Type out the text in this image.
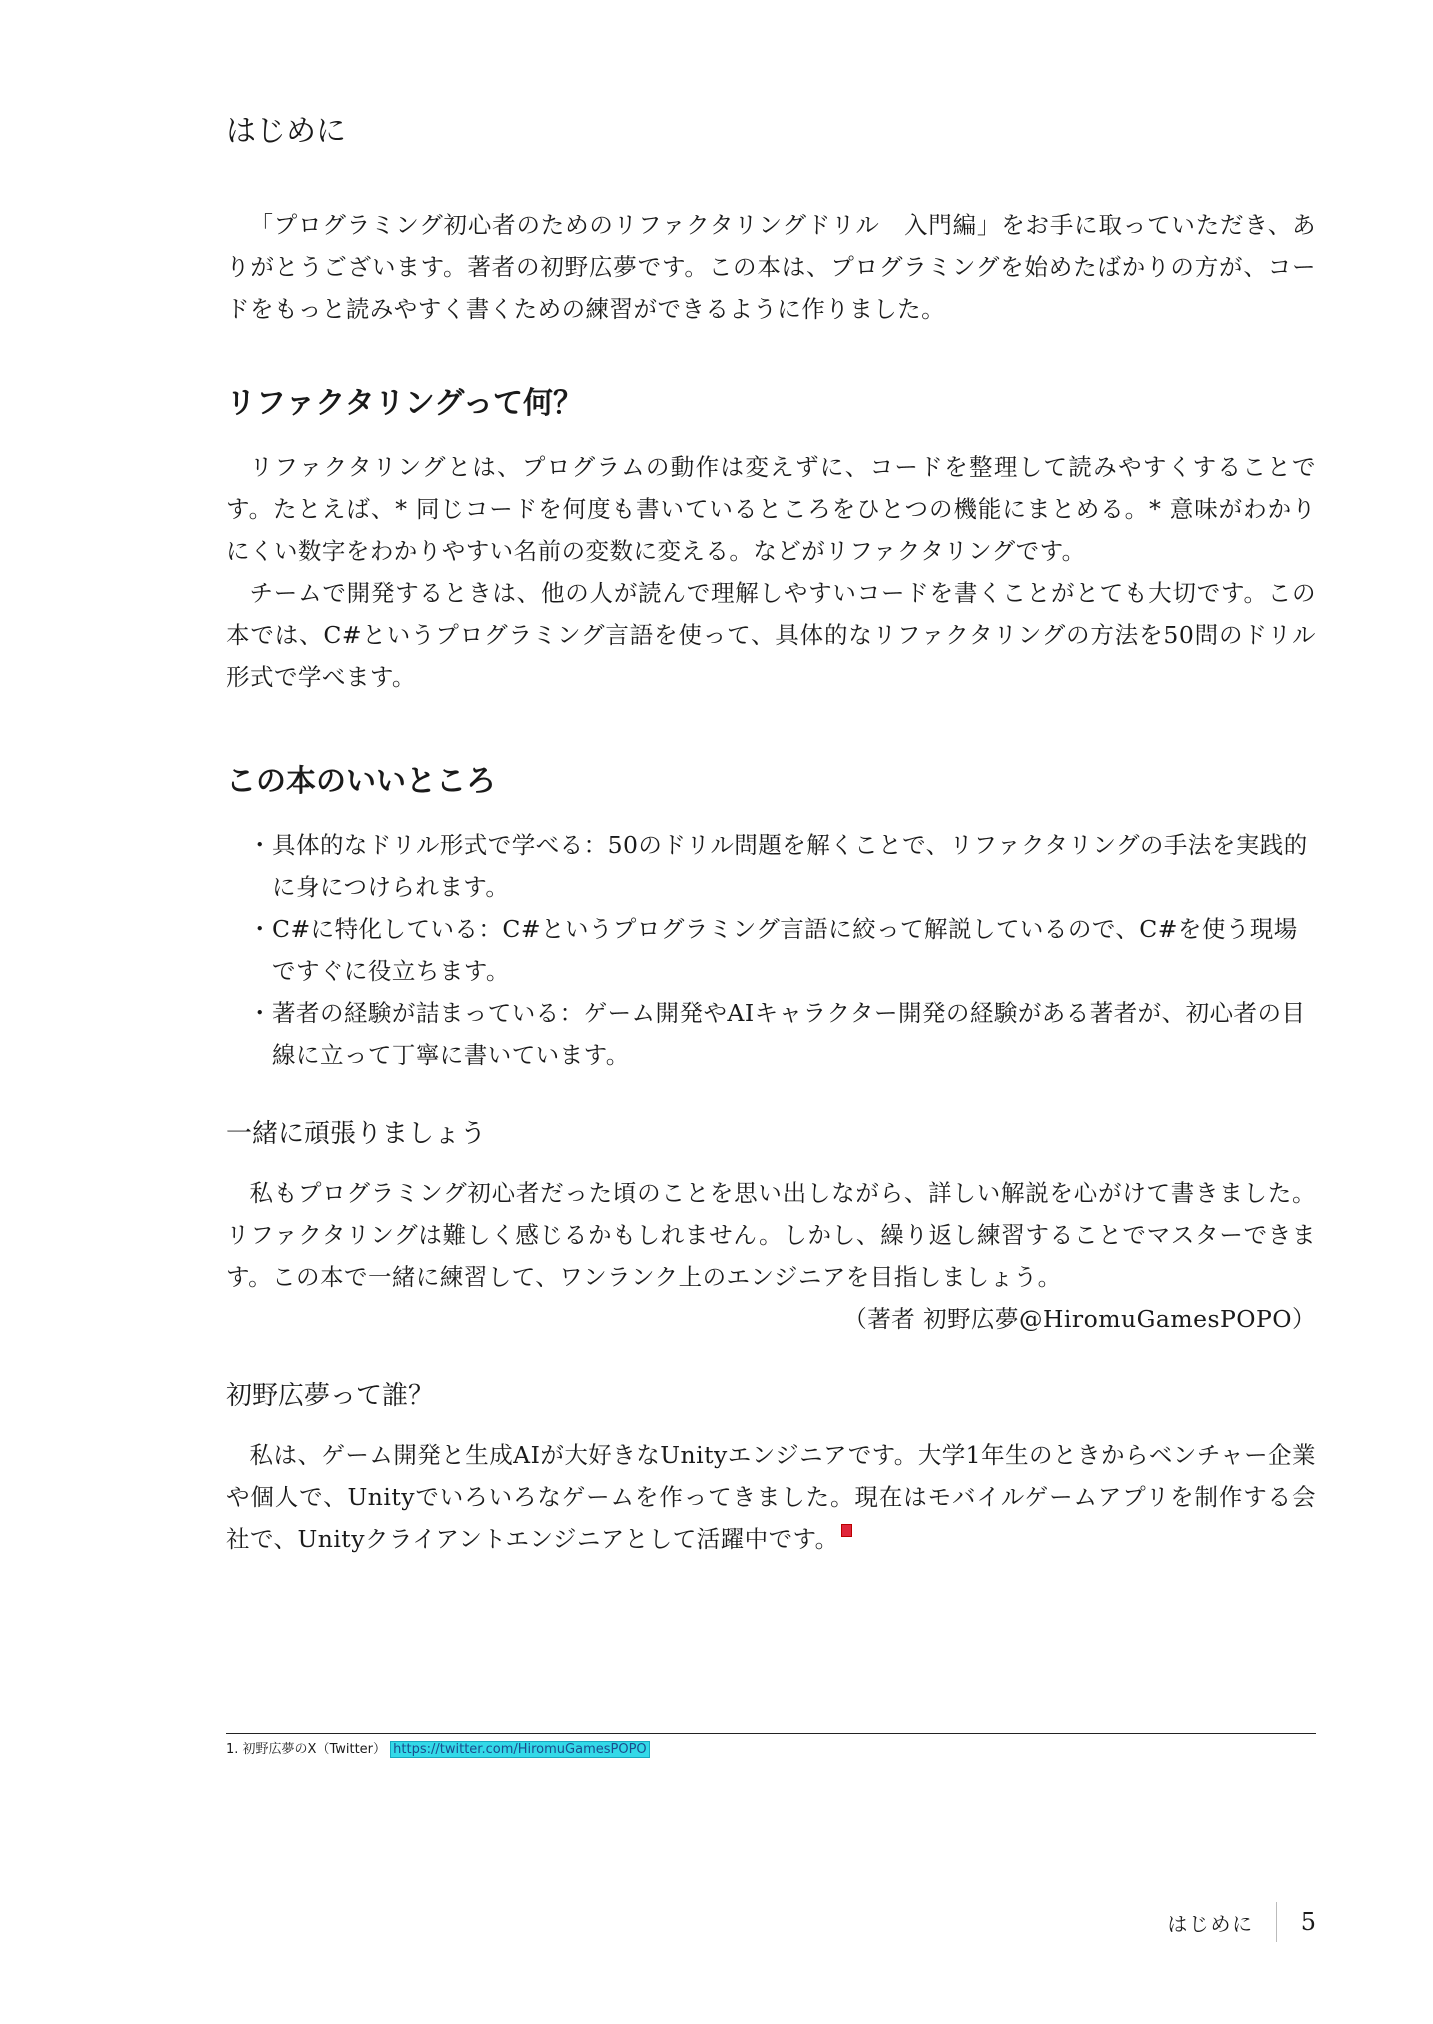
はじめに

「プログラミング初心者のためのリファクタリングドリル　入門編」をお手に取っていただき、ありがとうございます。著者の初野広夢です。この本は、プログラミングを始めたばかりの方が、コードをもっと読みやすく書くための練習ができるように作りました。

リファクタリングって何？

リファクタリングとは、プログラムの動作は変えずに、コードを整理して読みやすくすることです。たとえば、* 同じコードを何度も書いているところをひとつの機能にまとめる。* 意味がわかりにくい数字をわかりやすい名前の変数に変える。などがリファクタリングです。

チームで開発するときは、他の人が読んで理解しやすいコードを書くことがとても大切です。この本では、C#というプログラミング言語を使って、具体的なリファクタリングの方法を50問のドリル形式で学べます。

この本のいいところ
・具体的なドリル形式で学べる：50のドリル問題を解くことで、リファクタリングの手法を実践的に身につけられます。
・C#に特化している：C#というプログラミング言語に絞って解説しているので、C#を使う現場ですぐに役立ちます。
・著者の経験が詰まっている：ゲーム開発やAIキャラクター開発の経験がある著者が、初心者の目線に立って丁寧に書いています。
一緒に頑張りましょう

私もプログラミング初心者だった頃のことを思い出しながら、詳しい解説を心がけて書きました。リファクタリングは難しく感じるかもしれません。しかし、繰り返し練習することでマスターできます。この本で一緒に練習して、ワンランク上のエンジニアを目指しましょう。

（著者 初野広夢@HiromuGamesPOPO）
初野広夢って誰？

私は、ゲーム開発と生成AIが大好きなUnityエンジニアです。大学1年生のときからベンチャー企業や個人で、Unityでいろいろなゲームを作ってきました。現在はモバイルゲームアプリを制作する会社で、Unityクライアントエンジニアとして活躍中です。

1. 初野広夢のX（Twitter） https://twitter.com/HiromuGamesPOPO
はじめに 5
